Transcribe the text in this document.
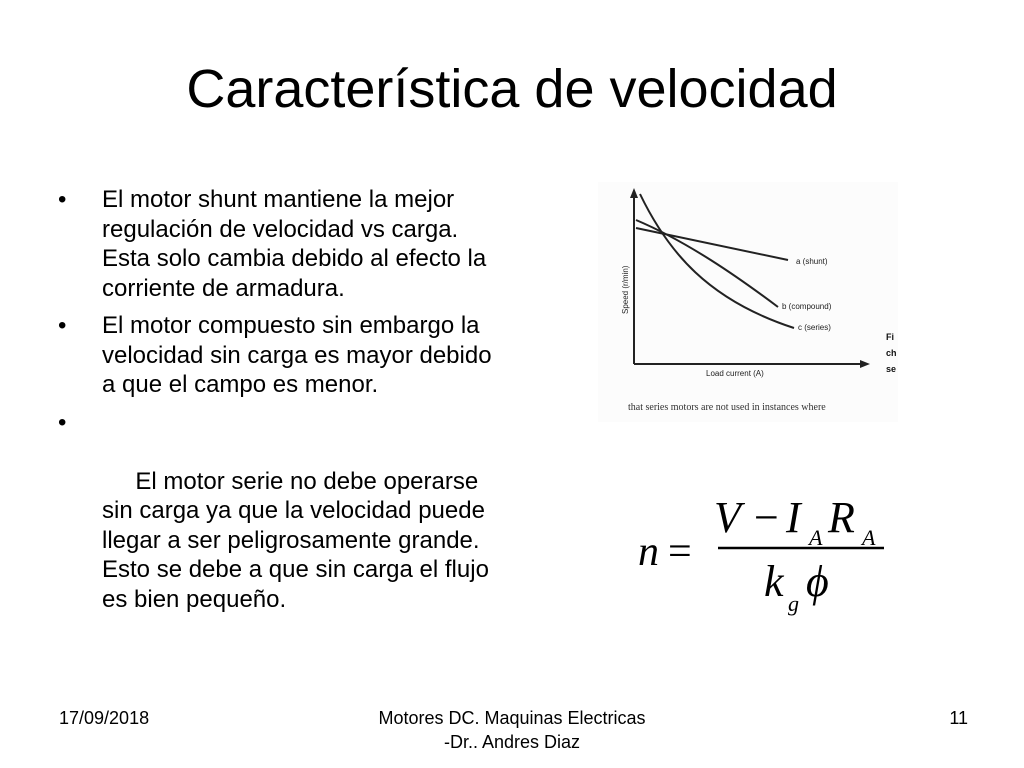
Característica de velocidad
• El motor shunt mantiene la mejor regulación de velocidad vs carga. Esta solo cambia debido al efecto la corriente de armadura.
• El motor compuesto sin embargo la velocidad sin carga es mayor debido a que el campo es menor.

•

El motor serie no debe operarse sin carga ya que la velocidad puede llegar a ser peligrosamente grande. Esto se debe a que sin carga el flujo es bien pequeño.

a (shunt)
b (compound)
c (series)
Speed (r/min)
Load current (A)
Fi
ch
se
that series motors are not used in instances where
n =
V − I A R A
k g ϕ
17/09/2018	Motores DC. Maquinas Electricas
-Dr.. Andres Diaz
11
